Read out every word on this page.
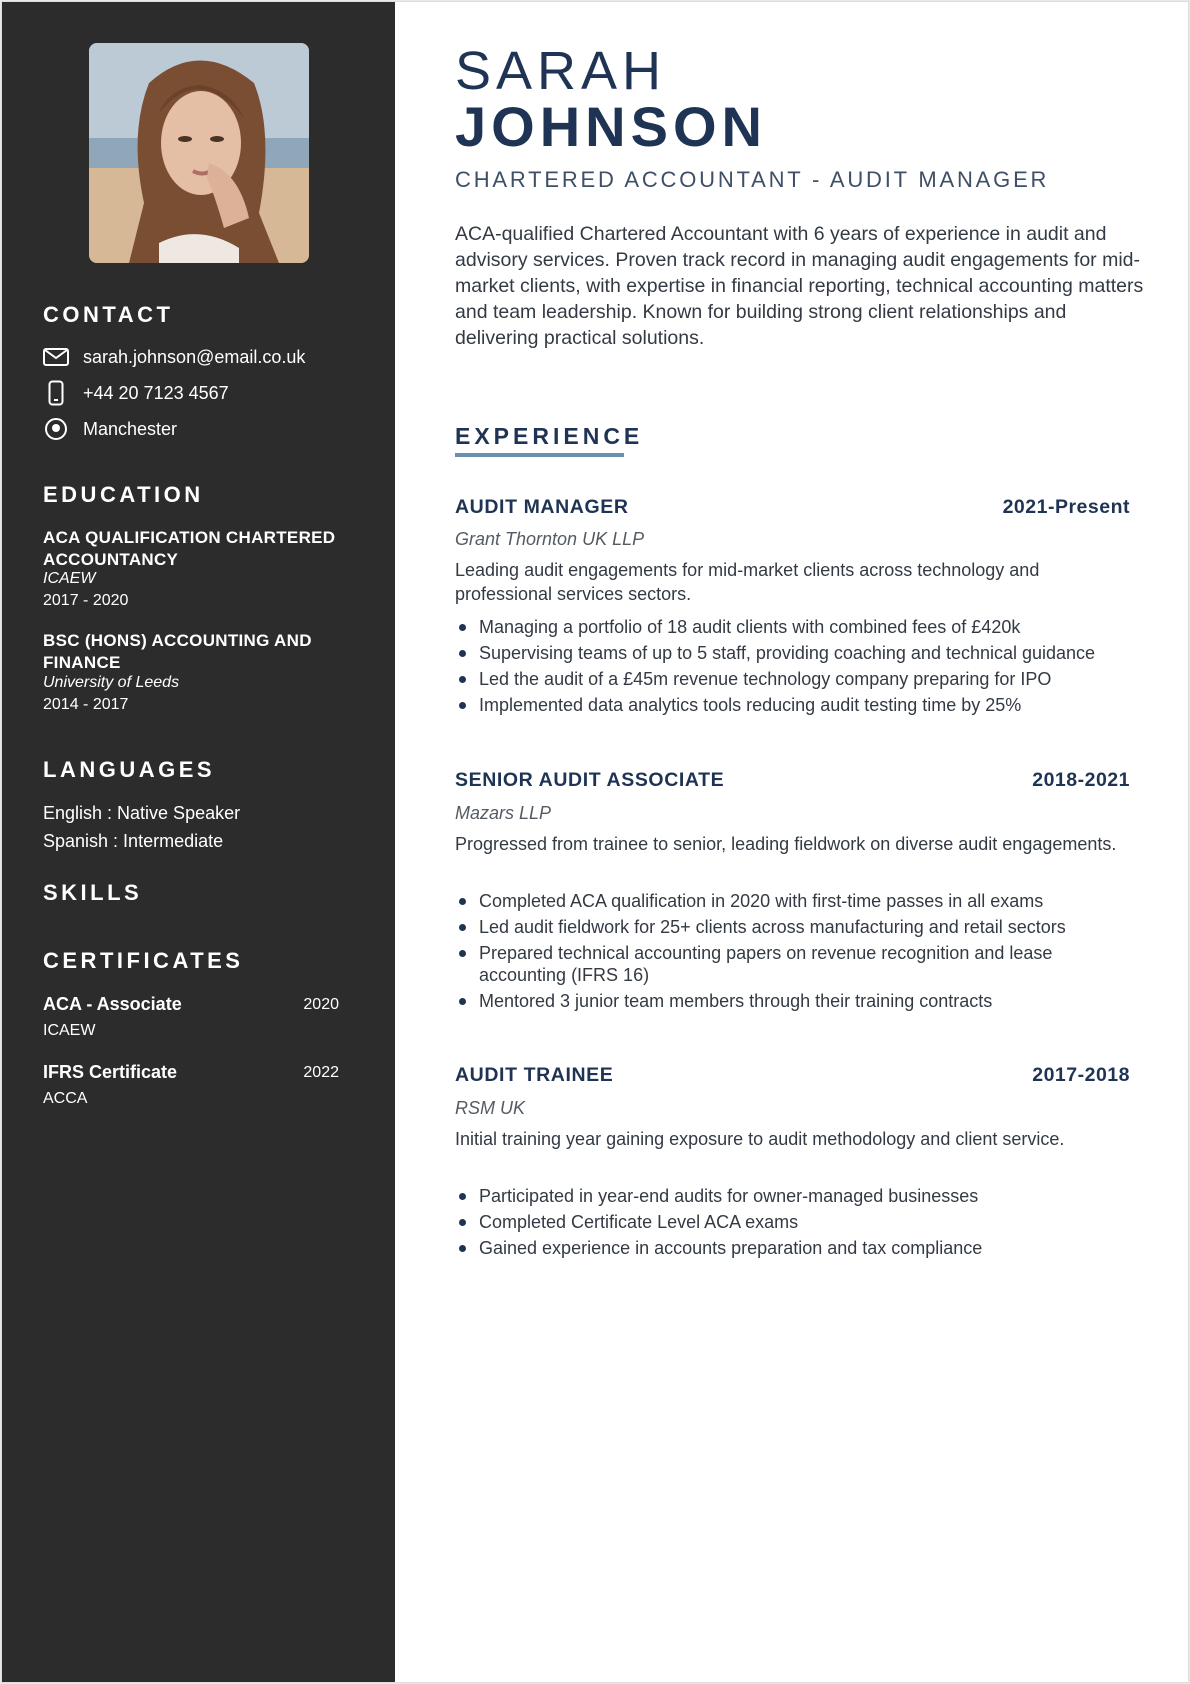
CONTACT
sarah.johnson@email.co.uk
+44 20 7123 4567
Manchester
EDUCATION
ACA QUALIFICATION CHARTERED ACCOUNTANCY
ICAEW
2017 - 2020
BSC (HONS) ACCOUNTING AND FINANCE
University of Leeds
2014 - 2017
LANGUAGES
English : Native Speaker
Spanish : Intermediate
SKILLS
CERTIFICATES
ACA - Associate	2020
ICAEW
IFRS Certificate	2022
ACCA
SARAH
JOHNSON
CHARTERED ACCOUNTANT - AUDIT MANAGER
ACA-qualified Chartered Accountant with 6 years of experience in audit and advisory services. Proven track record in managing audit engagements for mid-market clients, with expertise in financial reporting, technical accounting matters and team leadership. Known for building strong client relationships and delivering practical solutions.
EXPERIENCE
AUDIT MANAGER	2021-Present
Grant Thornton UK LLP
Leading audit engagements for mid-market clients across technology and professional services sectors.
Managing a portfolio of 18 audit clients with combined fees of £420k
Supervising teams of up to 5 staff, providing coaching and technical guidance
Led the audit of a £45m revenue technology company preparing for IPO
Implemented data analytics tools reducing audit testing time by 25%
SENIOR AUDIT ASSOCIATE	2018-2021
Mazars LLP
Progressed from trainee to senior, leading fieldwork on diverse audit engagements.
Completed ACA qualification in 2020 with first-time passes in all exams
Led audit fieldwork for 25+ clients across manufacturing and retail sectors
Prepared technical accounting papers on revenue recognition and lease accounting (IFRS 16)
Mentored 3 junior team members through their training contracts
AUDIT TRAINEE	2017-2018
RSM UK
Initial training year gaining exposure to audit methodology and client service.
Participated in year-end audits for owner-managed businesses
Completed Certificate Level ACA exams
Gained experience in accounts preparation and tax compliance
